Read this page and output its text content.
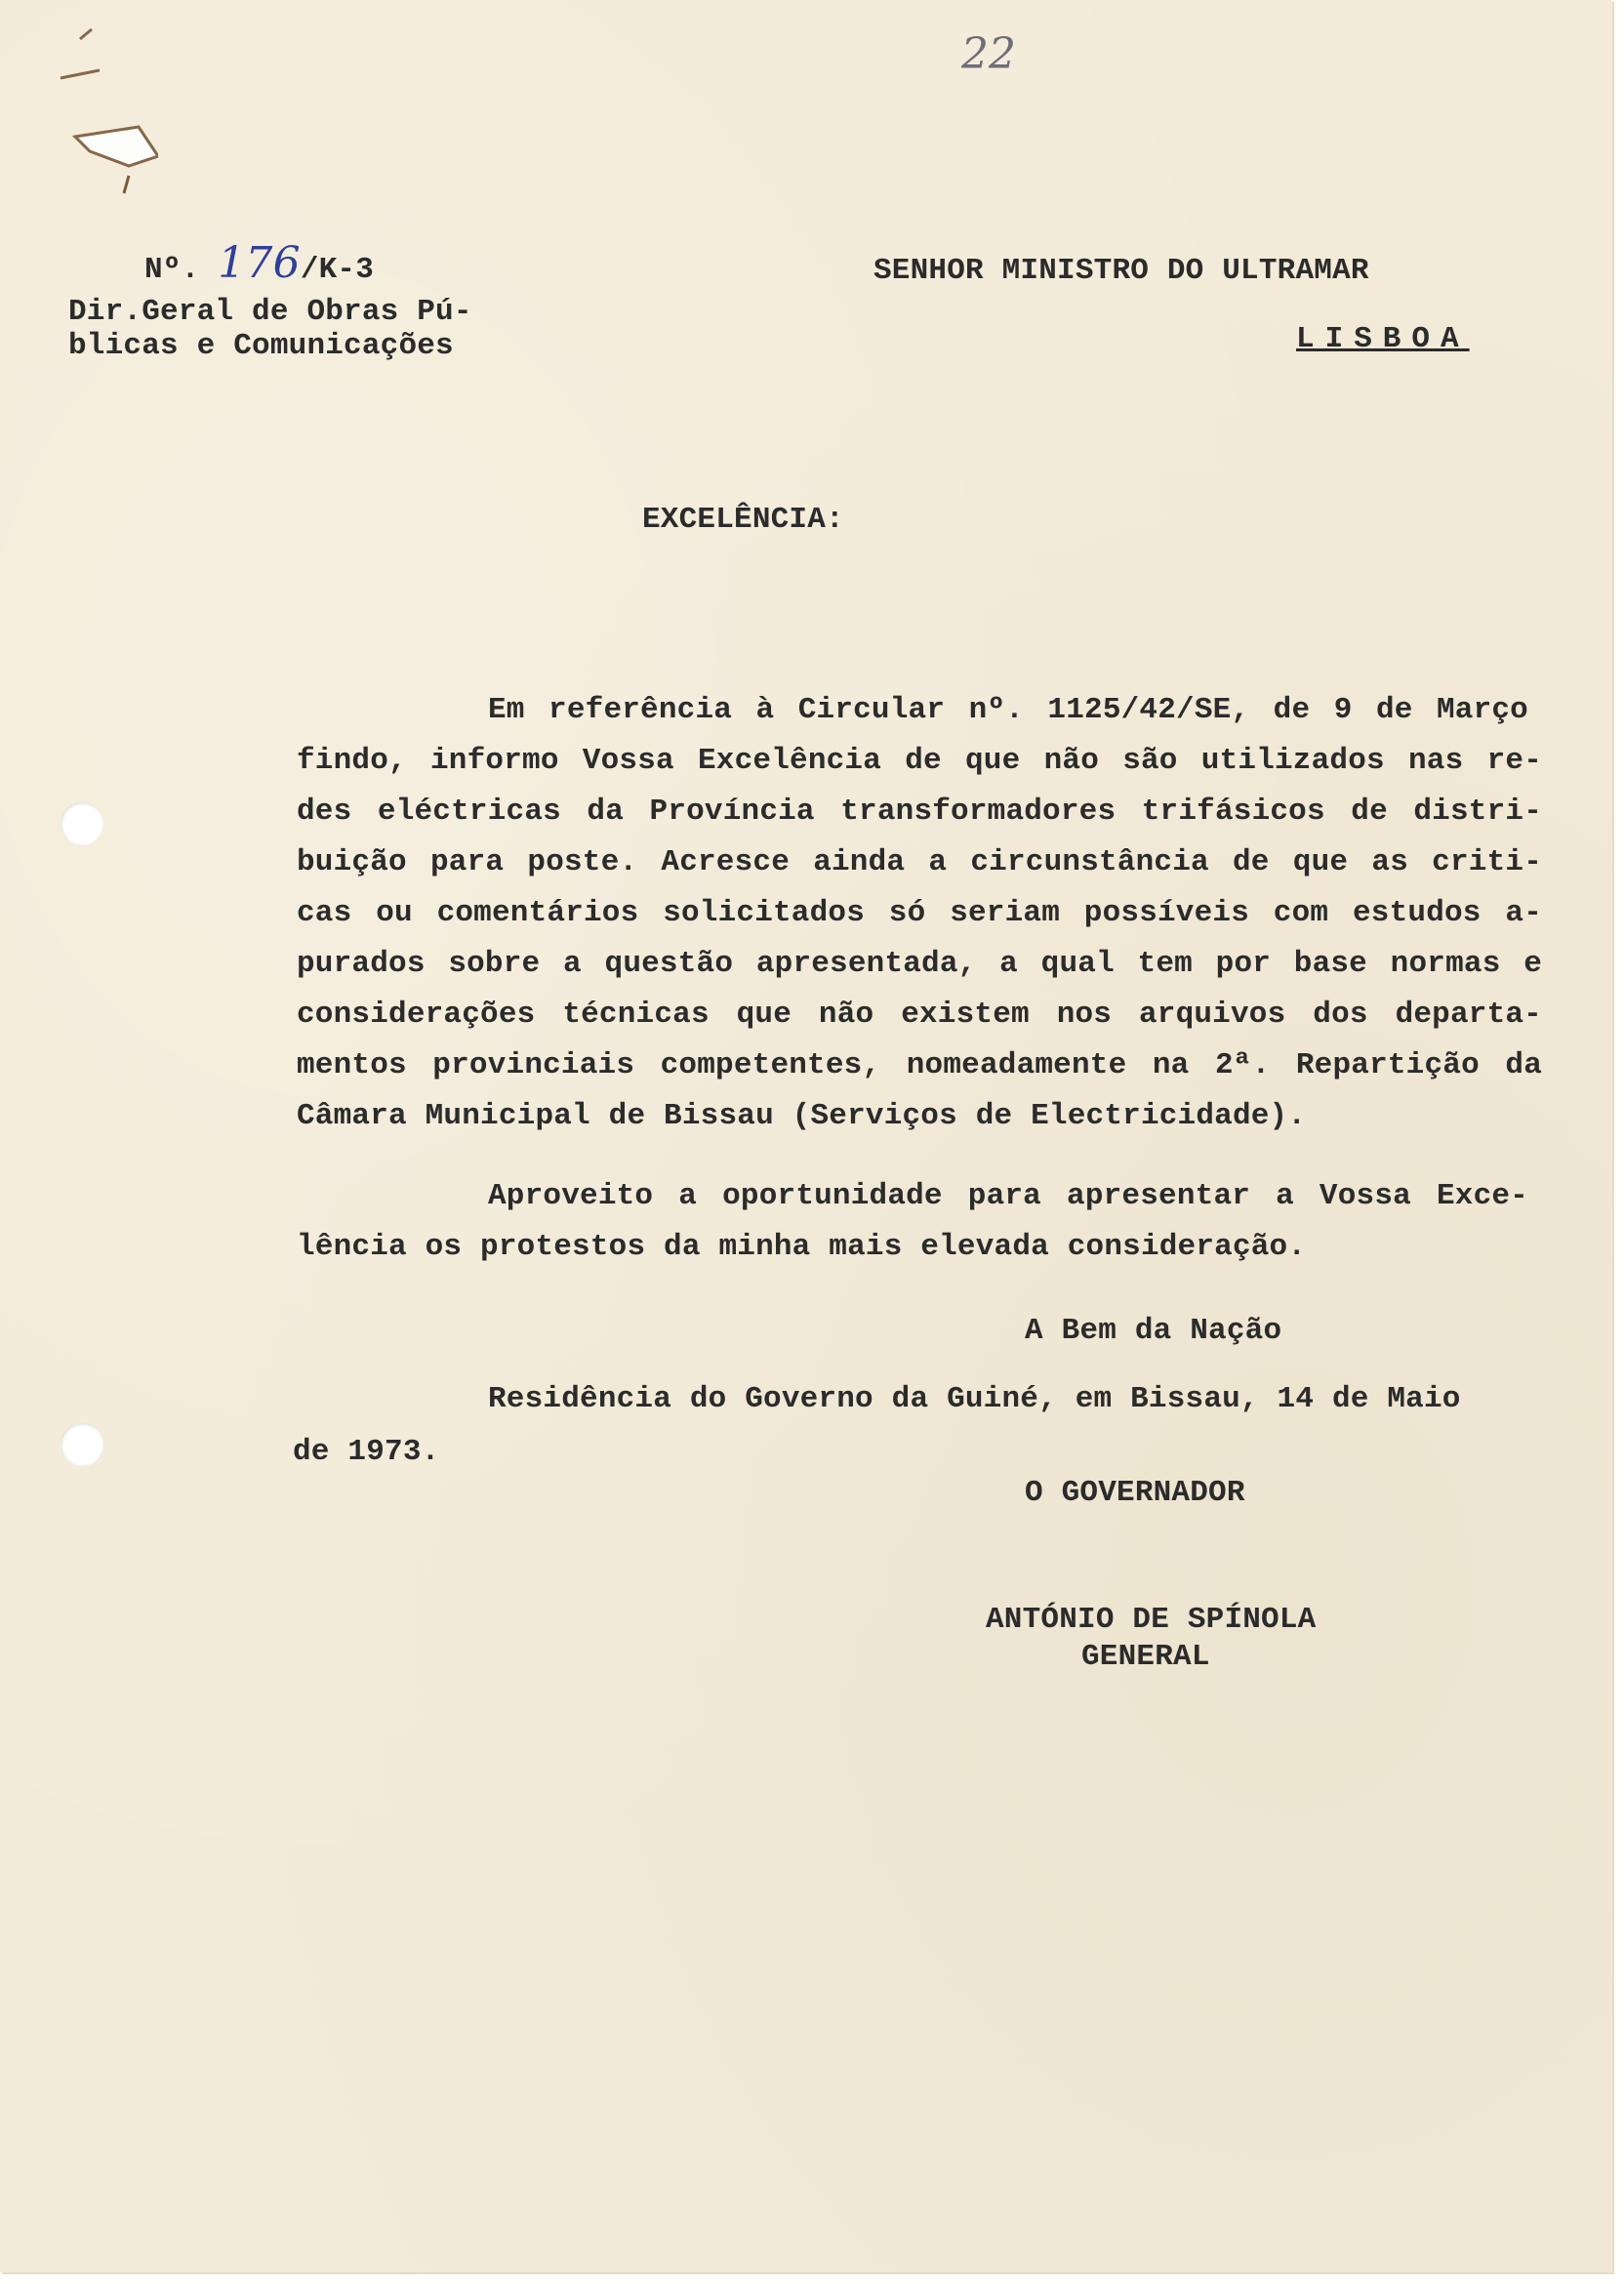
22
Nº. 176/K-3
Dir.Geral de Obras Pú-
blicas e Comunicações
SENHOR MINISTRO DO ULTRAMAR
LISBOA
EXCELÊNCIA:
Em referência à Circular nº. 1125/42/SE, de 9 de Março
findo, informo Vossa Excelência de que não são utilizados nas re-
des eléctricas da Província transformadores trifásicos de distri-
buição para poste. Acresce ainda a circunstância de que as criti-
cas ou comentários solicitados só seriam possíveis com estudos a-
purados sobre a questão apresentada, a qual tem por base normas e
considerações técnicas que não existem nos arquivos dos departa-
mentos provinciais competentes, nomeadamente na 2ª. Repartição da
Câmara Municipal de Bissau (Serviços de Electricidade).
Aproveito a oportunidade para apresentar a Vossa Exce-
lência os protestos da minha mais elevada consideração.
A Bem da Nação
Residência do Governo da Guiné, em Bissau, 14 de Maio
de 1973.
O GOVERNADOR
ANTÓNIO DE SPÍNOLA
GENERAL
